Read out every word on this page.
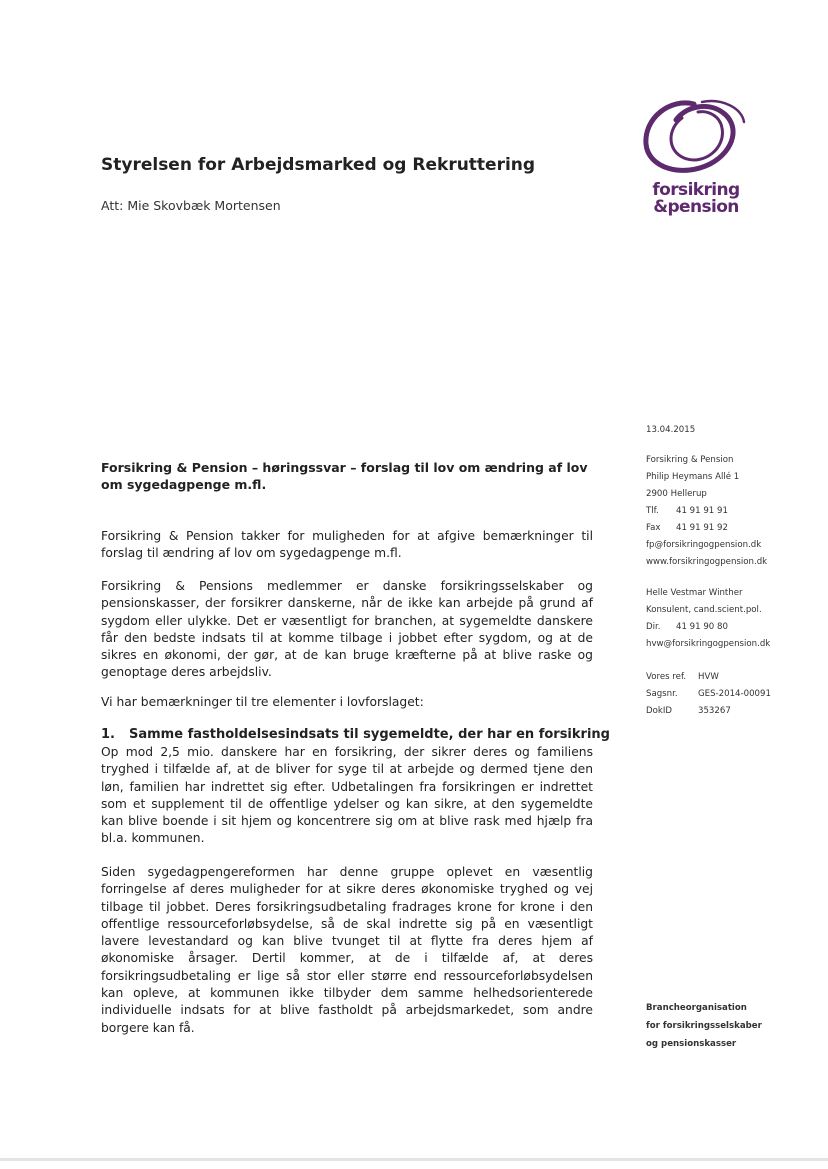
Styrelsen for Arbejdsmarked og Rekruttering
Att: Mie Skovbæk Mortensen
forsikring
&pension
13.04.2015
Forsikring & Pension
Philip Heymans Allé 1
2900 Hellerup
Tlf.	41 91 91 91
Fax	41 91 91 92
fp@forsikringogpension.dk
www.forsikringogpension.dk
Helle Vestmar Winther
Konsulent, cand.scient.pol.
Dir.	41 91 90 80
hvw@forsikringogpension.dk
Vores ref.	HVW
Sagsnr.	GES-2014-00091
DokID	353267
Brancheorganisation
for forsikringsselskaber
og pensionskasser
Forsikring & Pension – høringssvar – forslag til lov om ændring af lov om sygedagpenge m.fl.
Forsikring & Pension takker for muligheden for at afgive bemærkninger til forslag til ændring af lov om sygedagpenge m.fl.
Forsikring & Pensions medlemmer er danske forsikringsselskaber og pensionskasser, der forsikrer danskerne, når de ikke kan arbejde på grund af sygdom eller ulykke. Det er væsentligt for branchen, at sygemeldte danskere får den bedste indsats til at komme tilbage i jobbet efter sygdom, og at de sikres en økonomi, der gør, at de kan bruge kræfterne på at blive raske og genoptage deres arbejdsliv.
Vi har bemærkninger til tre elementer i lovforslaget:
1. Samme fastholdelsesindsats til sygemeldte, der har en forsikring
Op mod 2,5 mio. danskere har en forsikring, der sikrer deres og familiens tryghed i tilfælde af, at de bliver for syge til at arbejde og dermed tjene den løn, familien har indrettet sig efter. Udbetalingen fra forsikringen er indrettet som et supplement til de offentlige ydelser og kan sikre, at den sygemeldte kan blive boende i sit hjem og koncentrere sig om at blive rask med hjælp fra bl.a. kommunen.
Siden sygedagpengereformen har denne gruppe oplevet en væsentlig forringelse af deres muligheder for at sikre deres økonomiske tryghed og vej tilbage til jobbet. Deres forsikringsudbetaling fradrages krone for krone i den offentlige ressourceforløbsydelse, så de skal indrette sig på en væsentligt lavere levestandard og kan blive tvunget til at flytte fra deres hjem af økonomiske årsager. Dertil kommer, at de i tilfælde af, at deres forsikringsudbetaling er lige så stor eller større end ressourceforløbsydelsen kan opleve, at kommunen ikke tilbyder dem samme helhedsorienterede individuelle indsats for at blive fastholdt på arbejdsmarkedet, som andre borgere kan få.
